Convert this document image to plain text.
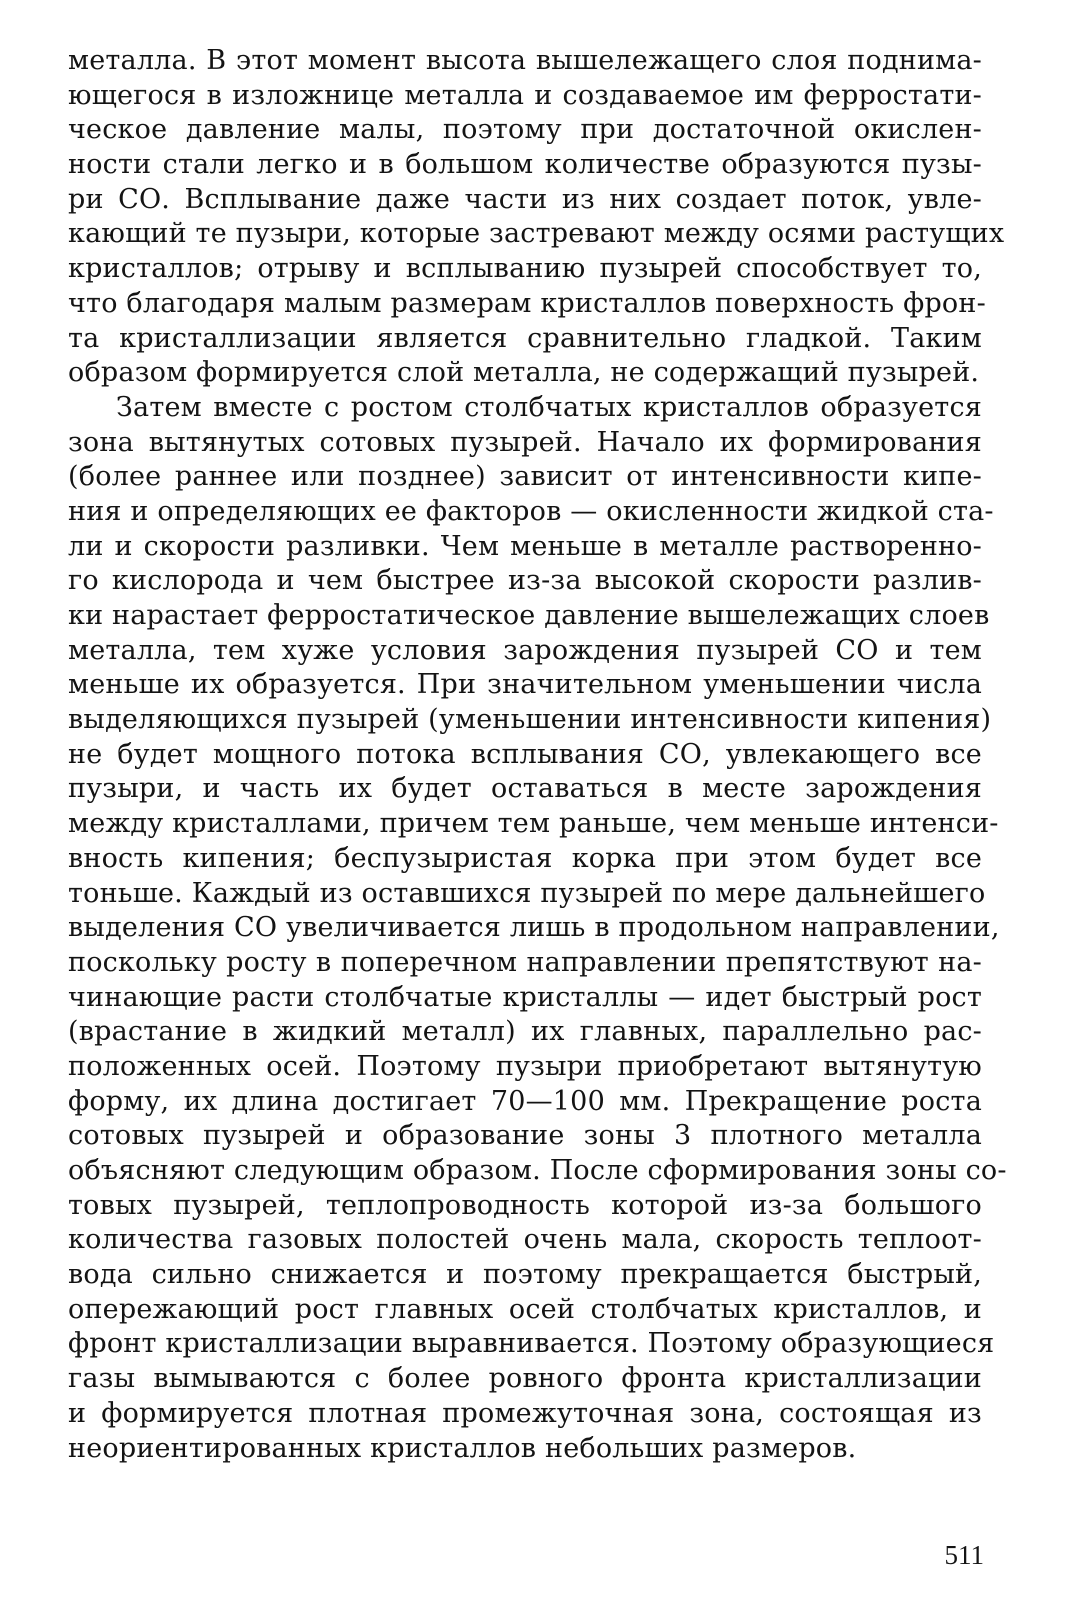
металла. В этот момент высота вышележащего слоя поднима-
ющегося в изложнице металла и создаваемое им ферростати-
ческое давление малы, поэтому при достаточной окислен-
ности стали легко и в большом количестве образуются пузы-
ри СО. Всплывание даже части из них создает поток, увле-
кающий те пузыри, которые застревают между осями растущих
кристаллов; отрыву и всплыванию пузырей способствует то,
что благодаря малым размерам кристаллов поверхность фрон-
та кристаллизации является сравнительно гладкой. Таким
образом формируется слой металла, не содержащий пузырей.
Затем вместе с ростом столбчатых кристаллов образуется
зона вытянутых сотовых пузырей. Начало их формирования
(более раннее или позднее) зависит от интенсивности кипе-
ния и определяющих ее факторов — окисленности жидкой ста-
ли и скорости разливки. Чем меньше в металле растворенно-
го кислорода и чем быстрее из-за высокой скорости разлив-
ки нарастает ферростатическое давление вышележащих слоев
металла, тем хуже условия зарождения пузырей СО и тем
меньше их образуется. При значительном уменьшении числа
выделяющихся пузырей (уменьшении интенсивности кипения)
не будет мощного потока всплывания СО, увлекающего все
пузыри, и часть их будет оставаться в месте зарождения
между кристаллами, причем тем раньше, чем меньше интенси-
вность кипения; беспузыристая корка при этом будет все
тоньше. Каждый из оставшихся пузырей по мере дальнейшего
выделения СО увеличивается лишь в продольном направлении,
поскольку росту в поперечном направлении препятствуют на-
чинающие расти столбчатые кристаллы — идет быстрый рост
(врастание в жидкий металл) их главных, параллельно рас-
положенных осей. Поэтому пузыри приобретают вытянутую
форму, их длина достигает 70—100 мм. Прекращение роста
сотовых пузырей и образование зоны 3 плотного металла
объясняют следующим образом. После сформирования зоны со-
товых пузырей, теплопроводность которой из-за большого
количества газовых полостей очень мала, скорость теплоот-
вода сильно снижается и поэтому прекращается быстрый,
опережающий рост главных осей столбчатых кристаллов, и
фронт кристаллизации выравнивается. Поэтому образующиеся
газы вымываются с более ровного фронта кристаллизации
и формируется плотная промежуточная зона, состоящая из
неориентированных кристаллов небольших размеров.
511
